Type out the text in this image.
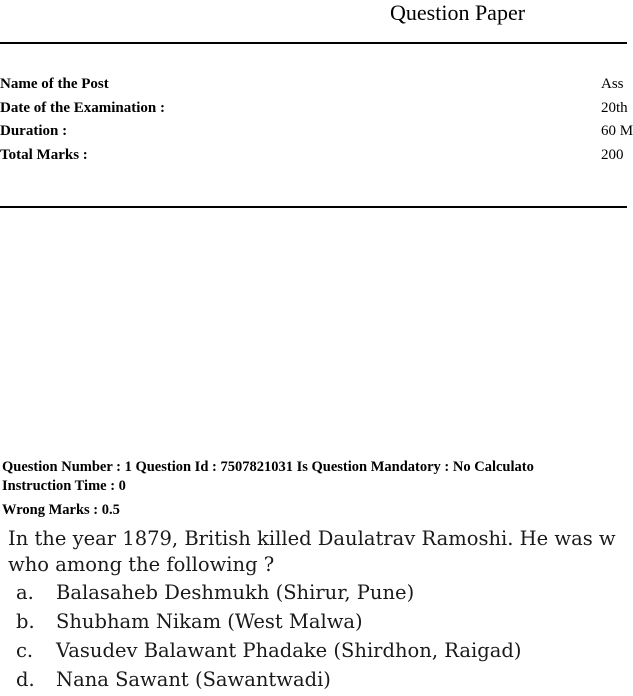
Question Paper
Name of the Post	Ass
Date of the Examination :	20th
Duration :	60 M
Total Marks :	200
Question Number : 1 Question Id : 7507821031 Is Question Mandatory : No Calculato
Instruction Time : 0
Wrong Marks : 0.5
In the year 1879, British killed Daulatrav Ramoshi. He was w
who among the following ?
a. Balasaheb Deshmukh (Shirur, Pune)
b. Shubham Nikam (West Malwa)
c. Vasudev Balawant Phadake (Shirdhon, Raigad)
d. Nana Sawant (Sawantwadi)
